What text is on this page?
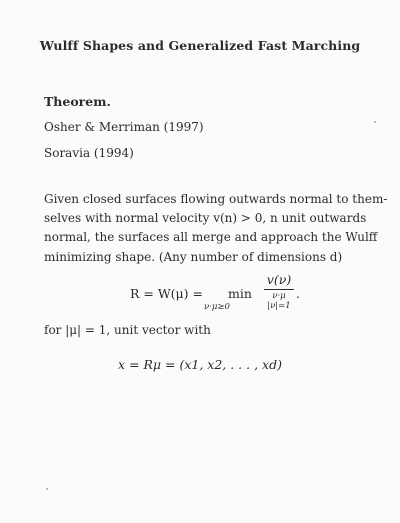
Wulff Shapes and Generalized Fast Marching
Theorem.
Osher & Merriman (1997)
Soravia (1994)
Given closed surfaces flowing outwards normal to them-
selves with normal velocity v(n) > 0, n unit outwards
normal, the surfaces all merge and approach the Wulff
minimizing shape. (Any number of dimensions d)
R = W(μ) =	min
ν·μ≥0
v(ν)
ν·μ
|ν|=1
.
for |μ| = 1, unit vector with
x = Rμ = (x1, x2, . . . , xd)
